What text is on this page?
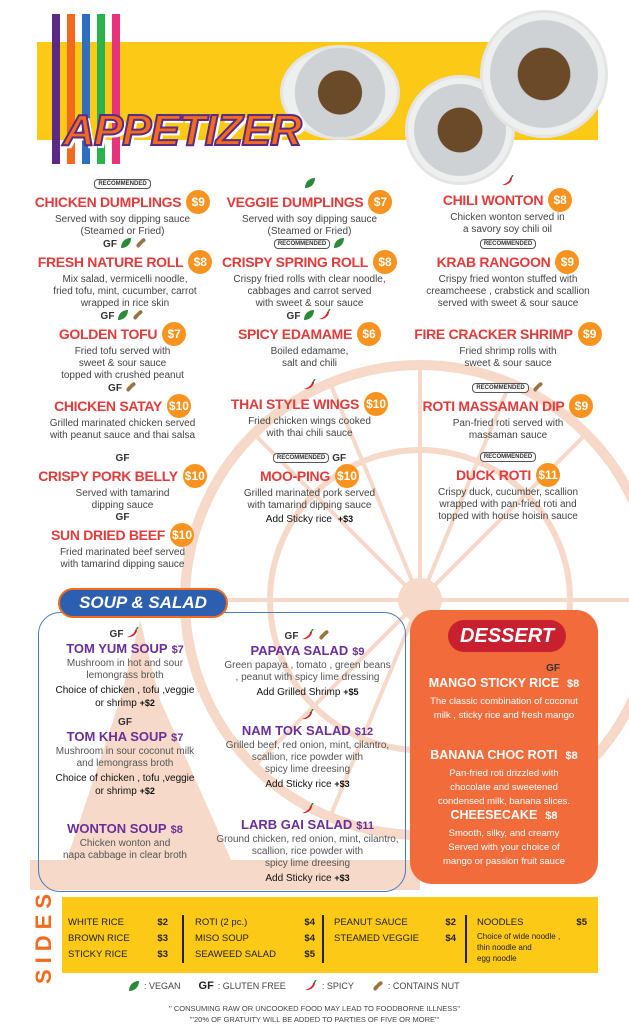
APPETIZER
RECOMMENDED
CHICKEN DUMPLINGS $9
Served with soy dipping sauce
(Steamed or Fried)
VEGGIE DUMPLINGS $7
Served with soy dipping sauce
(Steamed or Fried)
CHILI WONTON $8
Chicken wonton served in
a savory soy chili oil
GF
FRESH NATURE ROLL $8
Mix salad, vermicelli noodle,
fried tofu, mint, cucumber, carrot
wrapped in rice skin
RECOMMENDED
CRISPY SPRING ROLL $8
Crispy fried rolls with clear noodle,
cabbages and carrot served
with sweet & sour sauce
RECOMMENDED
KRAB RANGOON $9
Crispy fried wonton stuffed with
creamcheese , crabstick and scallion
served with sweet & sour sauce
GF
GOLDEN TOFU $7
Fried tofu served with
sweet & sour sauce
topped with crushed peanut
GF
SPICY EDAMAME $6
Boiled edamame,
salt and chili
FIRE CRACKER SHRIMP $9
Fried shrimp rolls with
sweet & sour sauce
GF
CHICKEN SATAY $10
Grilled marinated chicken served
with peanut sauce and thai salsa
THAI STYLE WINGS $10
Fried chicken wings cooked
with thai chili sauce
RECOMMENDED
ROTI MASSAMAN DIP $9
Pan-fried roti served with
massaman sauce
GF
CRISPY PORK BELLY $10
Served with tamarind
dipping sauce
RECOMMENDED GF
MOO-PING $10
Grilled marinated pork served
with tamarind dipping sauce
Add Sticky rice +$3
RECOMMENDED
DUCK ROTI $11
Crispy duck, cucumber, scallion
wrapped with pan-fried roti and
topped with house hoisin sauce
GF
SUN DRIED BEEF $10
Fried marinated beef served
with tamarind dipping sauce
SOUP & SALAD
GF
TOM YUM SOUP $7
Mushroom in hot and sour
lemongrass broth
Choice of chicken , tofu ,veggie
or shrimp +$2
GF
TOM KHA SOUP $7
Mushroom in sour coconut milk
and lemongrass broth
Choice of chicken , tofu ,veggie
or shrimp +$2
WONTON SOUP $8
Chicken wonton and
napa cabbage in clear broth
GF
PAPAYA SALAD $9
Green papaya , tomato , green beans
, peanut with spicy lime dressing
Add Grilled Shrimp +$5
NAM TOK SALAD $12
Grilled beef, red onion, mint, cilantro,
scallion, rice powder with
spicy lime dreesing
Add Sticky rice +$3
LARB GAI SALAD $11
Ground chicken, red onion, mint, cilantro,
scallion, rice powder with
spicy lime dreesing
Add Sticky rice +$3
DESSERT
GF
MANGO STICKY RICE $8
The classic combination of coconut
milk , sticky rice and fresh mango
BANANA CHOC ROTI $8
Pan-fried roti drizzled with
chocolate and sweetened
condensed milk, banana slices.
CHEESECAKE $8
Smooth, silky, and creamy
Served with your choice of
mango or passion fruit sauce
SIDES WHITE RICE	$2
BROWN RICE	$3
STICKY RICE	$3
ROTI (2 pc.)	$4
MISO SOUP	$4
SEAWEED SALAD	$5
PEANUT SAUCE	$2
STEAMED VEGGIE	$4
NOODLES	$5
Choice of wide noodle ,
thin noodle and
egg noodle
: VEGAN GF : GLUTEN FREE	: SPICY	: CONTAINS NUT
'' CONSUMING RAW OR UNCOOKED FOOD MAY LEAD TO FOODBORNE ILLNESS''
'''20% OF GRATUITY WILL BE ADDED TO PARTIES OF FIVE OR MORE'''
